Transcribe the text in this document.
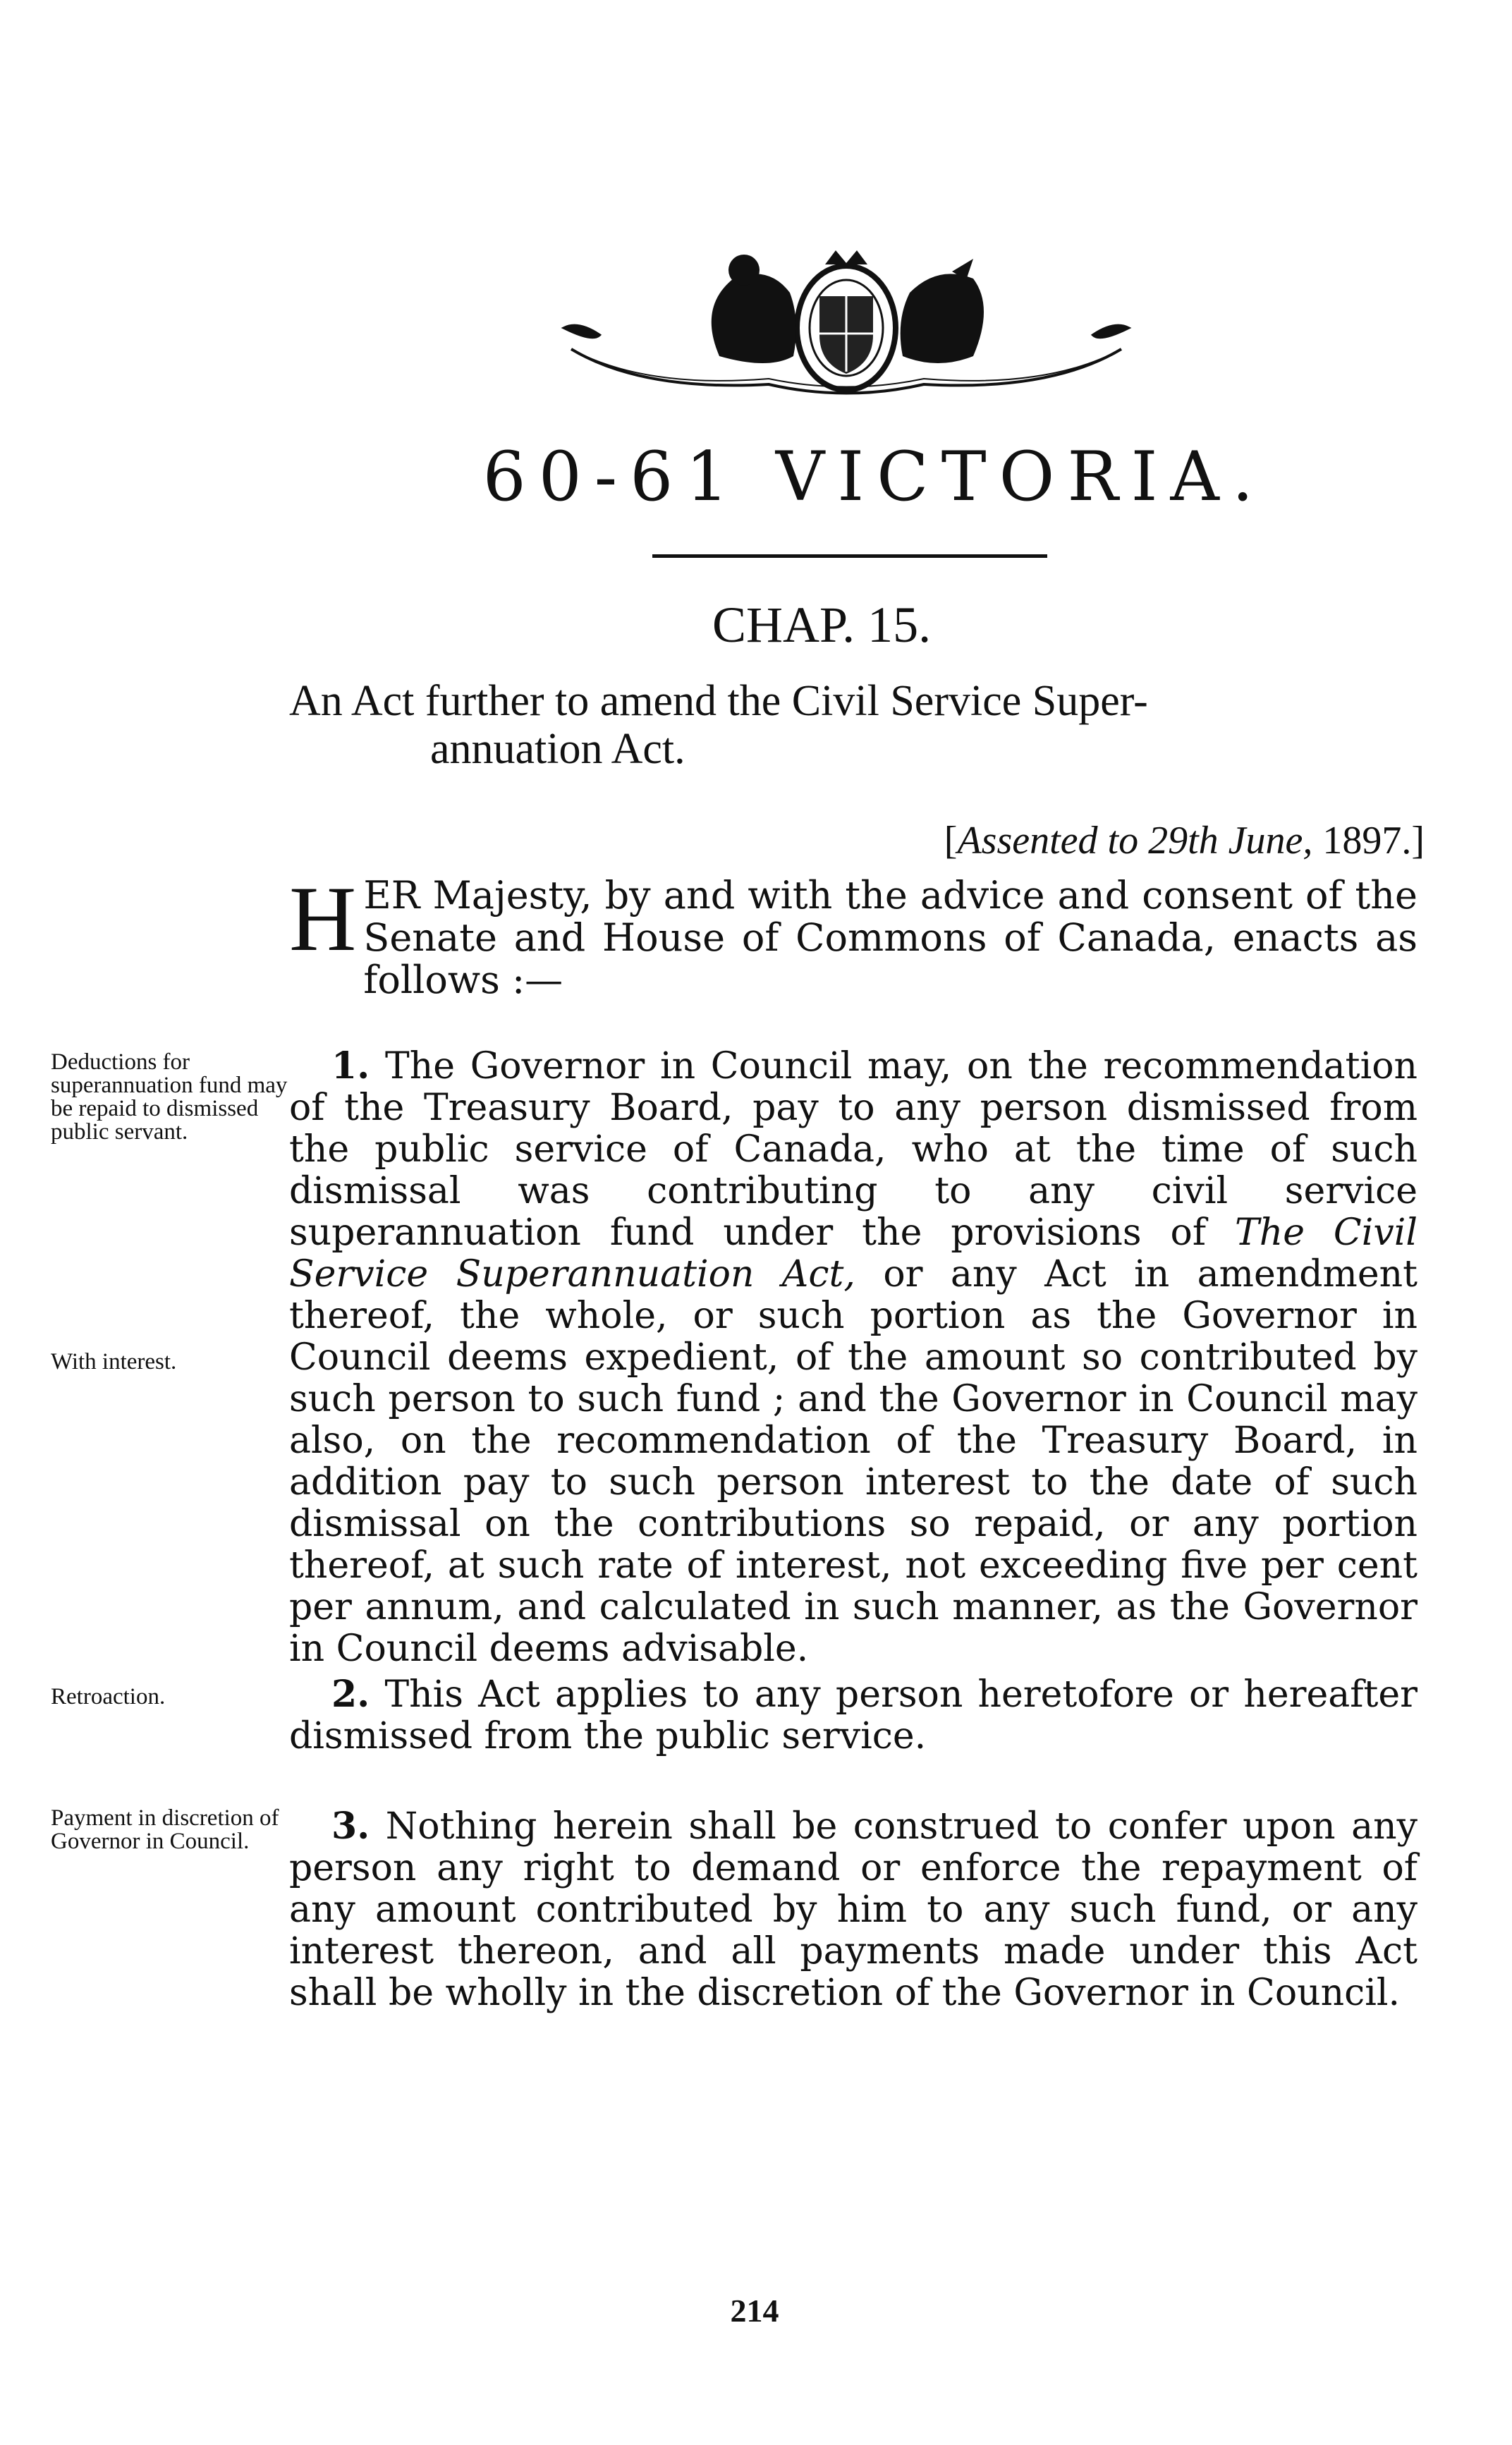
60-61 VICTORIA.
CHAP. 15.
An Act further to amend the Civil Service Super-
annuation Act.
[Assented to 29th June, 1897.]
HER Majesty, by and with the advice and consent of the Senate and House of Commons of Canada, enacts as follows :—
Deductions for superannuation fund may be repaid to dismissed public servant.
With interest.
Retroaction.
Payment in discretion of Governor in Council.
1. The Governor in Council may, on the recommendation of the Treasury Board, pay to any person dismissed from the public service of Canada, who at the time of such dismissal was contributing to any civil service superannuation fund under the provisions of The Civil Service Superannuation Act, or any Act in amendment thereof, the whole, or such portion as the Governor in Council deems expedient, of the amount so contributed by such person to such fund ; and the Governor in Council may also, on the recommendation of the Treasury Board, in addition pay to such person interest to the date of such dismissal on the contributions so repaid, or any portion thereof, at such rate of interest, not exceeding five per cent per annum, and calculated in such manner, as the Governor in Council deems advisable.
2. This Act applies to any person heretofore or hereafter dismissed from the public service.
3. Nothing herein shall be construed to confer upon any person any right to demand or enforce the repayment of any amount contributed by him to any such fund, or any interest thereon, and all payments made under this Act shall be wholly in the discretion of the Governor in Council.
214
